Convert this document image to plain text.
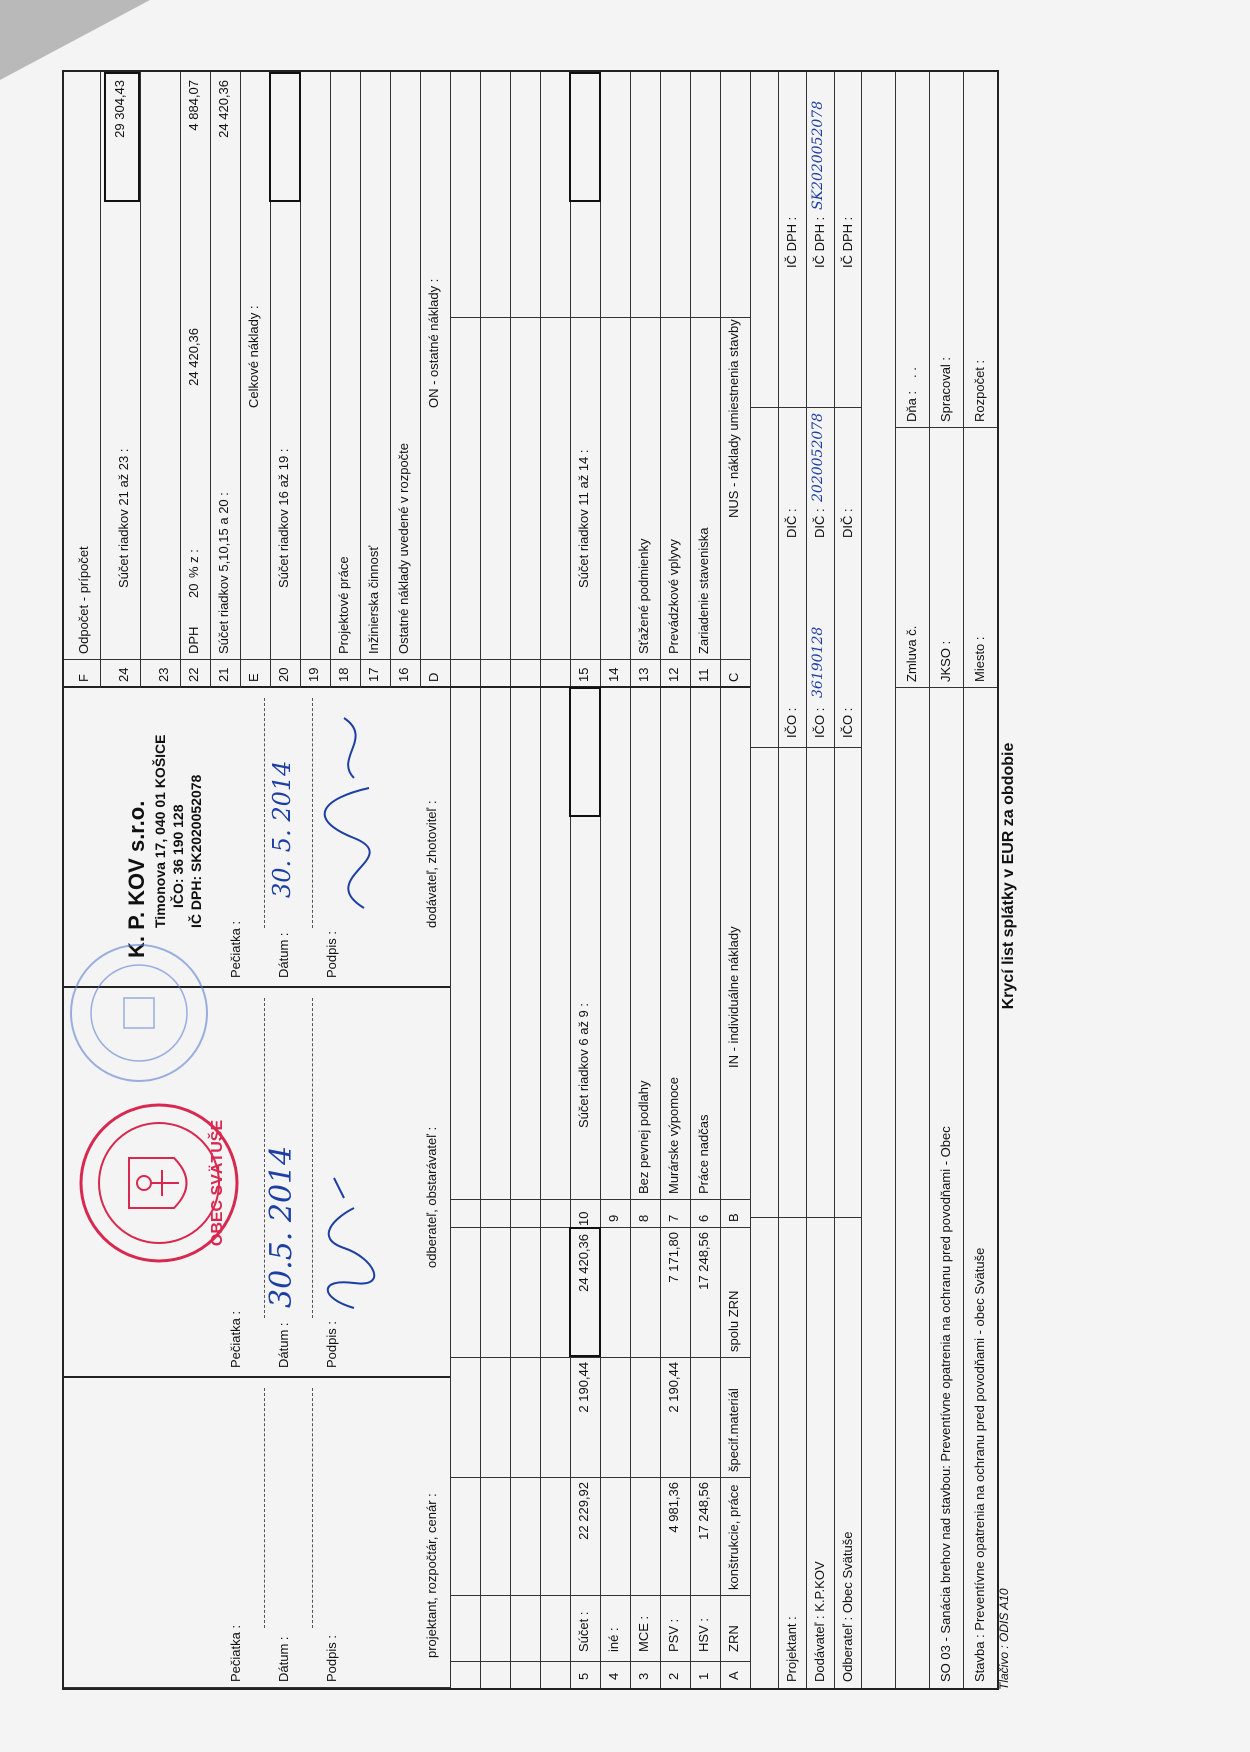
Krycí list splátky v EUR za obdobie
Stavba : Preventívne opatrenia na ochranu pred povodňami - obec Svätuše
Miesto :
Rozpočet :
SO 03 - Sanácia brehov nad stavbou: Preventívne opatrenia na ochranu pred povodňami - Obec
JKSO :
Spracoval :
Zmluva č.
Dňa :
. .
Odberateľ : Obec Svätuše
Dodávateľ : K.P.KOV
Projektant :
IČO :
DIČ :
IČ DPH :
IČO :
36190128
DIČ :
2020052078
IČ DPH :
SK2020052078
IČO :
DIČ :
IČ DPH :
A
ZRN
konštrukcie, práce
špecif.materiál
spolu ZRN
1
HSV :
17 248,56
17 248,56
2
PSV :
4 981,36
2 190,44
7 171,80
3
MCE :
4
iné :
5
Súčet :
22 229,92
2 190,44
24 420,36
B
IN - individuálne náklady
6
Práce nadčas
7
Murárske výpomoce
8
Bez pevnej podlahy
9
10
Súčet riadkov 6 až 9 :
C
NUS - náklady umiestnenia stavby
11
Zariadenie staveniska
12
Prevádzkové vplyvy
13
Sťažené podmienky
14
15
Súčet riadkov 11 až 14 :
D
ON - ostatné náklady :
16
Ostatné náklady uvedené v rozpočte
17
Inžinierska činnosť
18
Projektové práce
19
20
Súčet riadkov 16 až 19 :
E
Celkové náklady :
21
Súčet riadkov 5,10,15 a 20 :
24 420,36
22
DPH
20
% z :
24 420,36
4 884,07
23
24
Súčet riadkov 21 až 23 :
29 304,43
F
Odpočet - prípočet
projektant, rozpočtár, cenár :
odberateľ, obstarávateľ :
dodávateľ, zhotoviteľ :
Podpis :
Dátum :
Pečiatka :
Podpis :
Dátum :
30.5. 2014
Pečiatka :
Podpis :
Dátum :
30. 5. 2014
Pečiatka :
OBEC SVÄTUŠE
K. P. KOV s.r.o. Timonova 17, 040 01 KOŠICE IČO: 36 190 128 IČ DPH: SK2020052078
Tlačivo : ODIS A10
